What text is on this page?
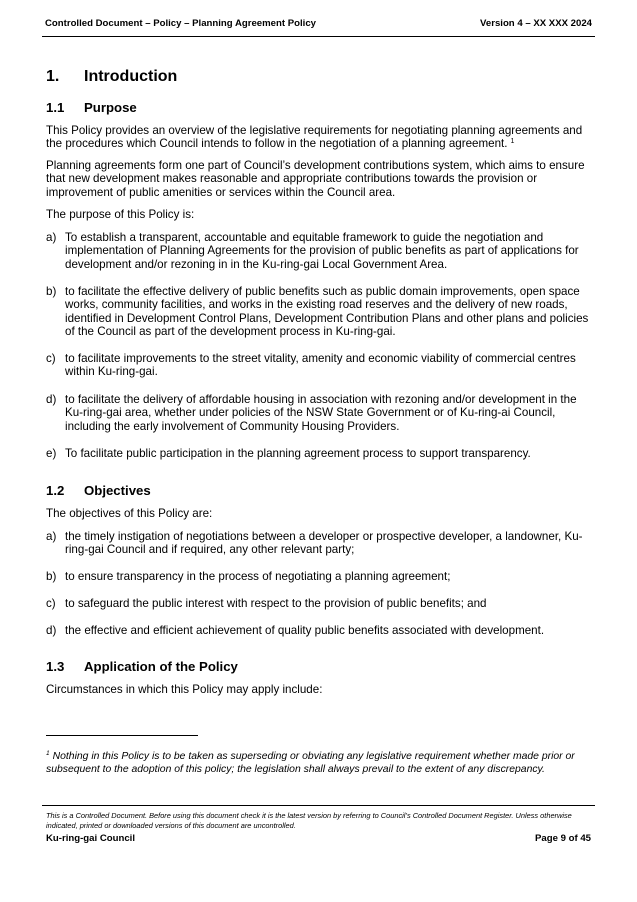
Controlled Document – Policy – Planning Agreement Policy	Version 4 – XX XXX 2024
1. Introduction
1.1 Purpose
This Policy provides an overview of the legislative requirements for negotiating planning agreements and the procedures which Council intends to follow in the negotiation of a planning agreement. $^1$
Planning agreements form one part of Council’s development contributions system, which aims to ensure that new development makes reasonable and appropriate contributions towards the provision or improvement of public amenities or services within the Council area.
The purpose of this Policy is:
a) To establish a transparent, accountable and equitable framework to guide the negotiation and implementation of Planning Agreements for the provision of public benefits as part of applications for development and/or rezoning in in the Ku-ring-gai Local Government Area.
b) to facilitate the effective delivery of public benefits such as public domain improvements, open space works, community facilities, and works in the existing road reserves and the delivery of new roads, identified in Development Control Plans, Development Contribution Plans and other plans and policies of the Council as part of the development process in Ku-ring-gai.
c) to facilitate improvements to the street vitality, amenity and economic viability of commercial centres within Ku-ring-gai.
d) to facilitate the delivery of affordable housing in association with rezoning and/or development in the Ku-ring-gai area, whether under policies of the NSW State Government or of Ku-ring-ai Council, including the early involvement of Community Housing Providers.
e) To facilitate public participation in the planning agreement process to support transparency.
1.2 Objectives
The objectives of this Policy are:
a) the timely instigation of negotiations between a developer or prospective developer, a landowner, Ku-ring-gai Council and if required, any other relevant party;
b) to ensure transparency in the process of negotiating a planning agreement;
c) to safeguard the public interest with respect to the provision of public benefits; and
d) the effective and efficient achievement of quality public benefits associated with development.
1.3 Application of the Policy
Circumstances in which this Policy may apply include:
$^1$ Nothing in this Policy is to be taken as superseding or obviating any legislative requirement whether made prior or subsequent to the adoption of this policy; the legislation shall always prevail to the extent of any discrepancy.
This is a Controlled Document. Before using this document check it is the latest version by referring to Council’s Controlled Document Register. Unless otherwise indicated, printed or downloaded versions of this document are uncontrolled.
Ku-ring-gai Council	Page 9 of 45
